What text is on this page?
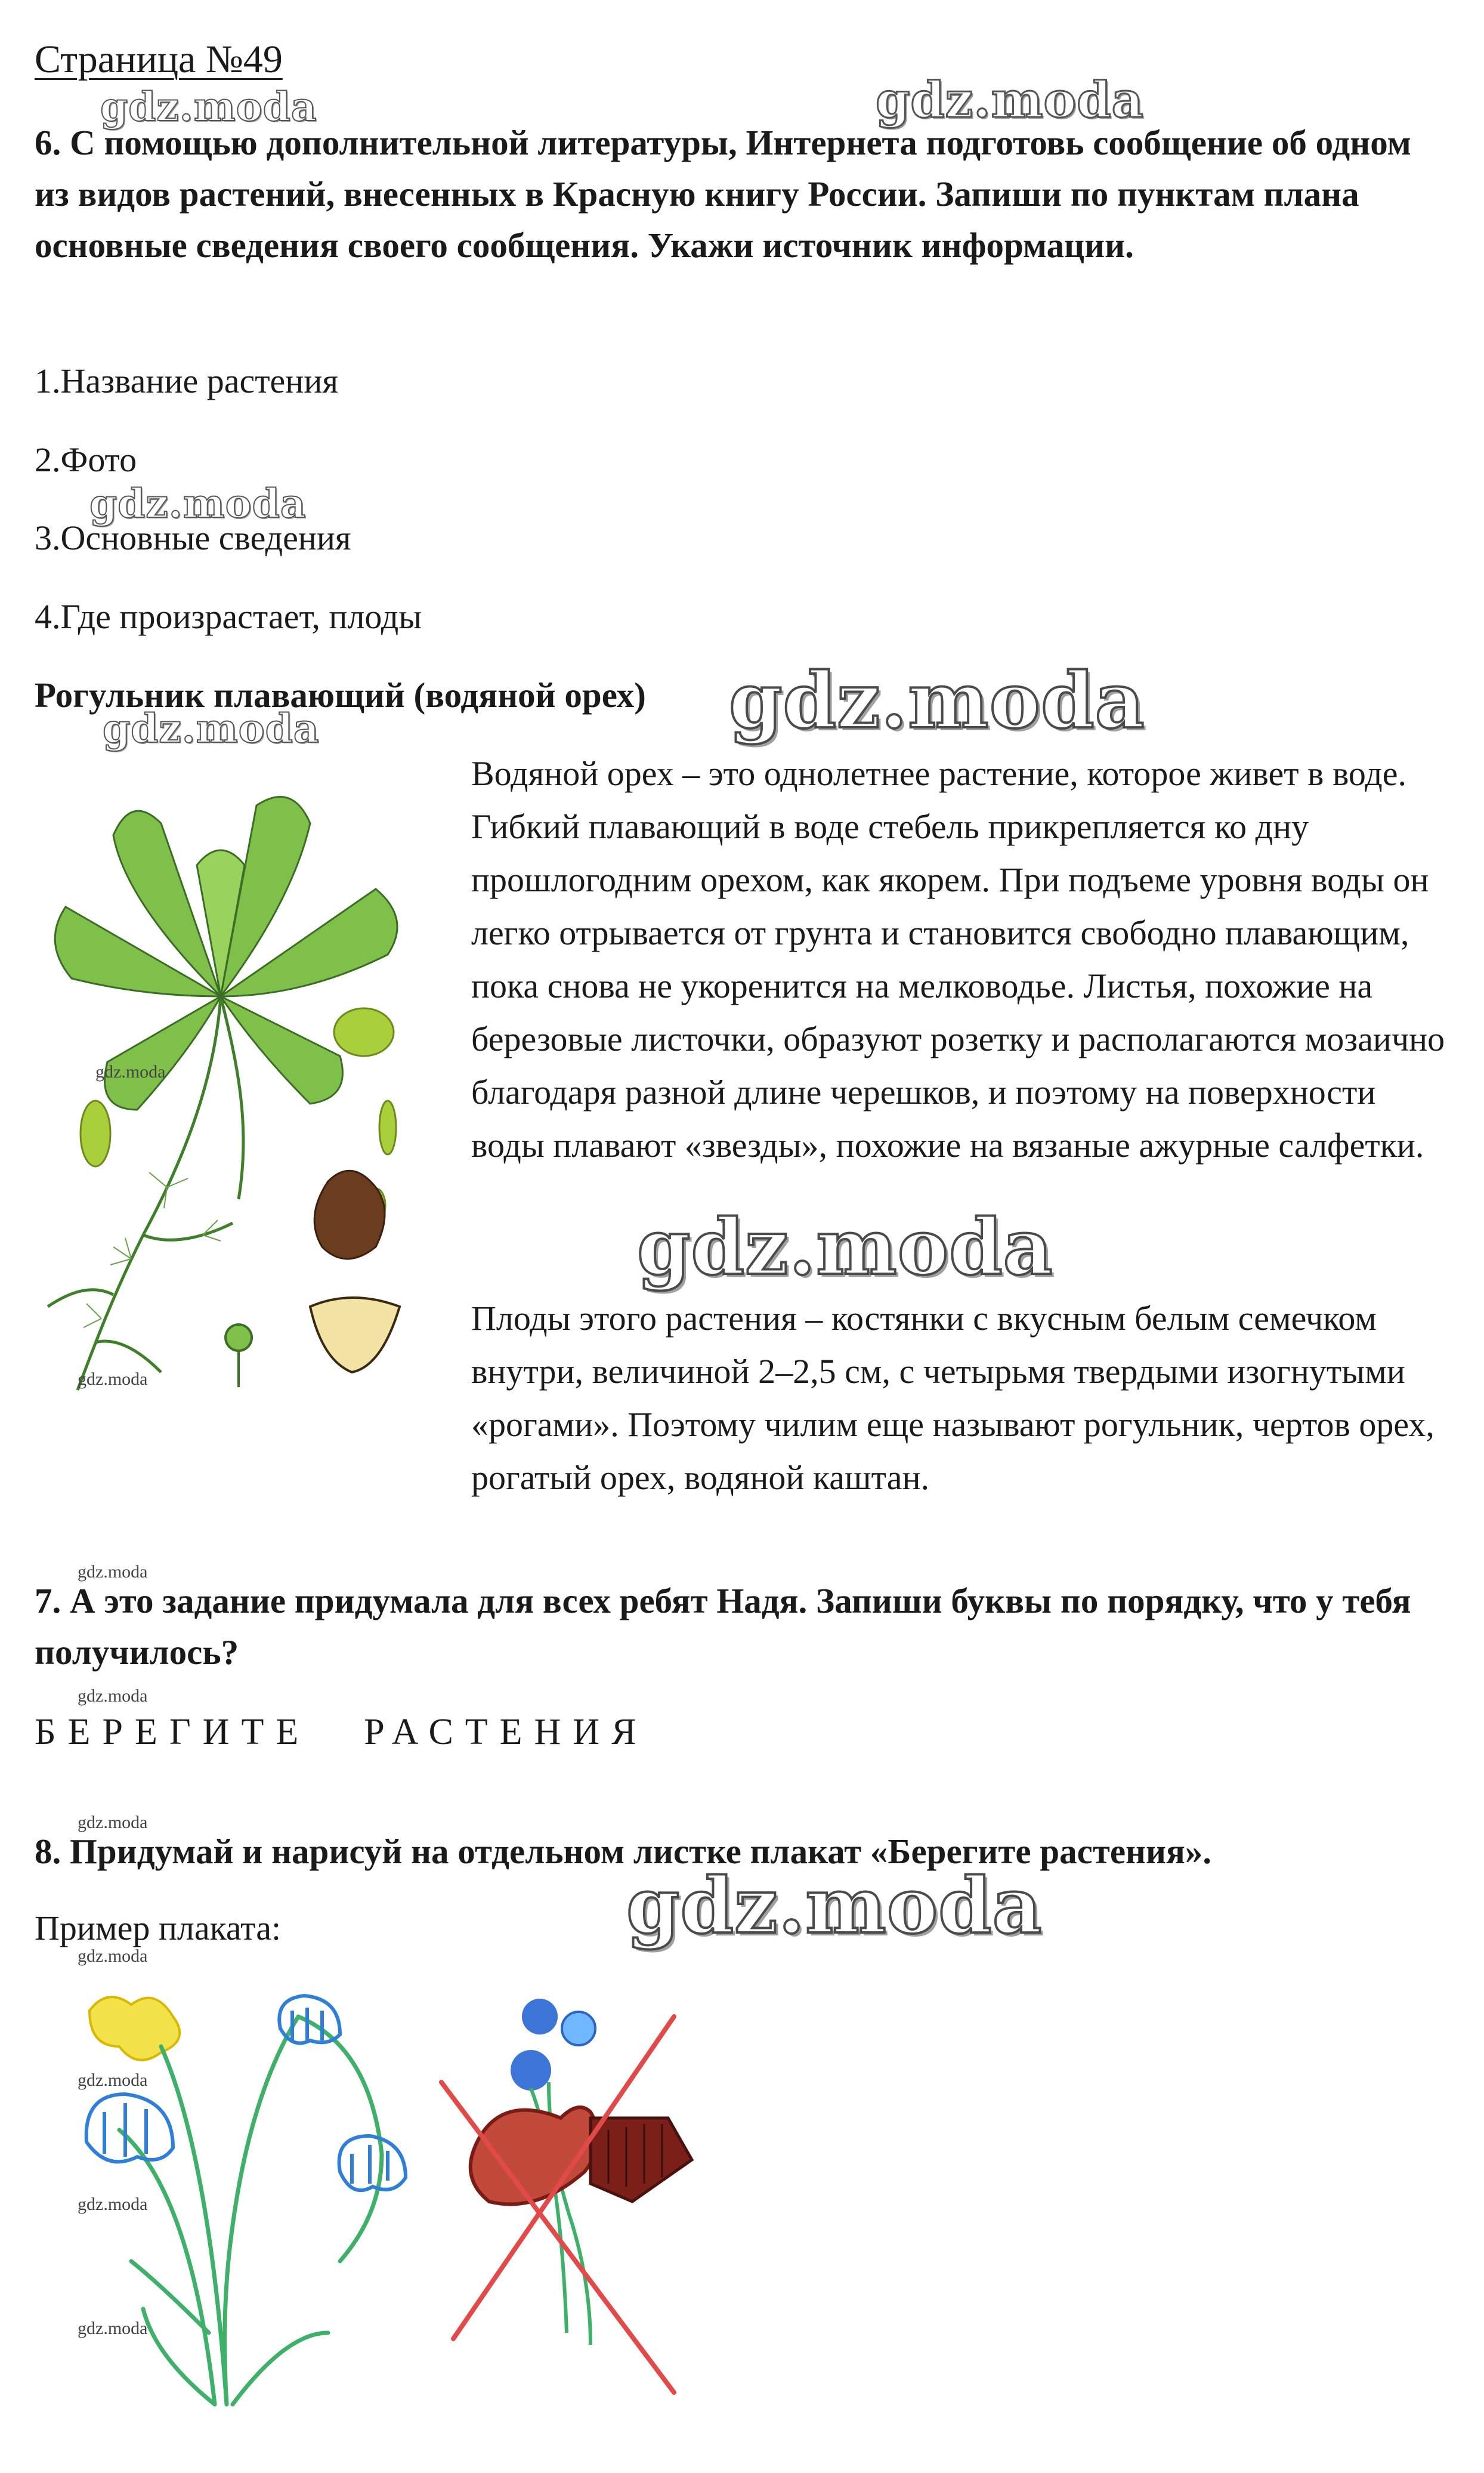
Страница №49
6. С помощью дополнительной литературы, Интернета подготовь сообщение об одном из видов растений, внесенных в Красную книгу России. Запиши по пунктам плана основные сведения своего сообщения. Укажи источник информации.
1.Название растения
2.Фото
3.Основные сведения
4.Где произрастает, плоды
Рогульник плавающий (водяной орех)
Водяной орех – это однолетнее растение, которое живет в воде. Гибкий плавающий в воде стебель прикрепляется ко дну прошлогодним орехом, как якорем. При подъеме уровня воды он легко отрывается от грунта и становится свободно плавающим, пока снова не укоренится на мелководье. Листья, похожие на березовые листочки, образуют розетку и располагаются мозаично благодаря разной длине черешков, и поэтому на поверхности воды плавают «звезды», похожие на вязаные ажурные салфетки.
Плоды этого растения – костянки с вкусным белым семечком внутри, величиной 2–2,5 см, с четырьмя твердыми изогнутыми «рогами». Поэтому чилим еще называют рогульник, чертов орех, рогатый орех, водяной каштан.
7. А это задание придумала для всех ребят Надя. Запиши буквы по порядку, что у тебя получилось?
БЕРЕГИТЕ РАСТЕНИЯ
8. Придумай и нарисуй на отдельном листке плакат «Берегите растения».
Пример плаката:
gdz.moda	gdz.moda
gdz.moda
gdz.moda
gdz.moda
gdz.moda
gdz.moda
gdz.moda
gdz.moda
gdz.moda
gdz.moda
gdz.moda
gdz.moda
gdz.moda
gdz.moda
gdz.moda
